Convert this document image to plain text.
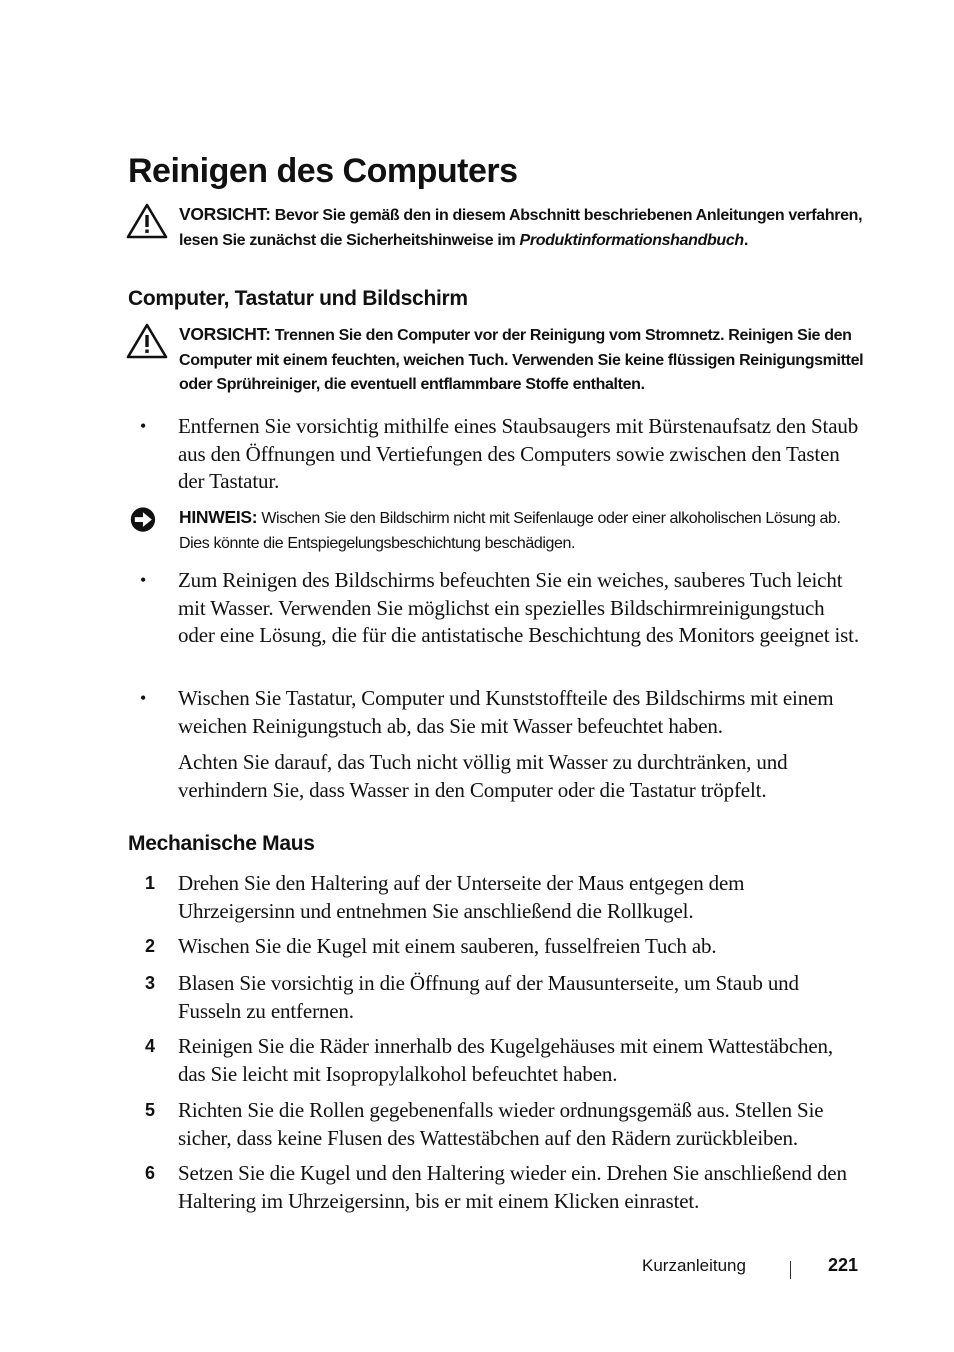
Reinigen des Computers
VORSICHT: Bevor Sie gemäß den in diesem Abschnitt beschriebenen Anleitungen verfahren, lesen Sie zunächst die Sicherheitshinweise im Produktinformationshandbuch.
Computer, Tastatur und Bildschirm
VORSICHT: Trennen Sie den Computer vor der Reinigung vom Stromnetz. Reinigen Sie den Computer mit einem feuchten, weichen Tuch. Verwenden Sie keine flüssigen Reinigungsmittel oder Sprühreiniger, die eventuell entflammbare Stoffe enthalten.
•	Entfernen Sie vorsichtig mithilfe eines Staubsaugers mit Bürstenaufsatz den Staub aus den Öffnungen und Vertiefungen des Computers sowie zwischen den Tasten der Tastatur.
HINWEIS: Wischen Sie den Bildschirm nicht mit Seifenlauge oder einer alkoholischen Lösung ab. Dies könnte die Entspiegelungsbeschichtung beschädigen.
•	Zum Reinigen des Bildschirms befeuchten Sie ein weiches, sauberes Tuch leicht mit Wasser. Verwenden Sie möglichst ein spezielles Bildschirmreinigungstuch oder eine Lösung, die für die antistatische Beschichtung des Monitors geeignet ist.
•	Wischen Sie Tastatur, Computer und Kunststoffteile des Bildschirms mit einem weichen Reinigungstuch ab, das Sie mit Wasser befeuchtet haben.
Achten Sie darauf, das Tuch nicht völlig mit Wasser zu durchtränken, und verhindern Sie, dass Wasser in den Computer oder die Tastatur tröpfelt.
Mechanische Maus
1	Drehen Sie den Haltering auf der Unterseite der Maus entgegen dem Uhrzeigersinn und entnehmen Sie anschließend die Rollkugel.
2	Wischen Sie die Kugel mit einem sauberen, fusselfreien Tuch ab.
3	Blasen Sie vorsichtig in die Öffnung auf der Mausunterseite, um Staub und Fusseln zu entfernen.
4	Reinigen Sie die Räder innerhalb des Kugelgehäuses mit einem Wattestäbchen, das Sie leicht mit Isopropylalkohol befeuchtet haben.
5	Richten Sie die Rollen gegebenenfalls wieder ordnungsgemäß aus. Stellen Sie sicher, dass keine Flusen des Wattestäbchen auf den Rädern zurückbleiben.
6	Setzen Sie die Kugel und den Haltering wieder ein. Drehen Sie anschließend den Haltering im Uhrzeigersinn, bis er mit einem Klicken einrastet.
Kurzanleitung	221
